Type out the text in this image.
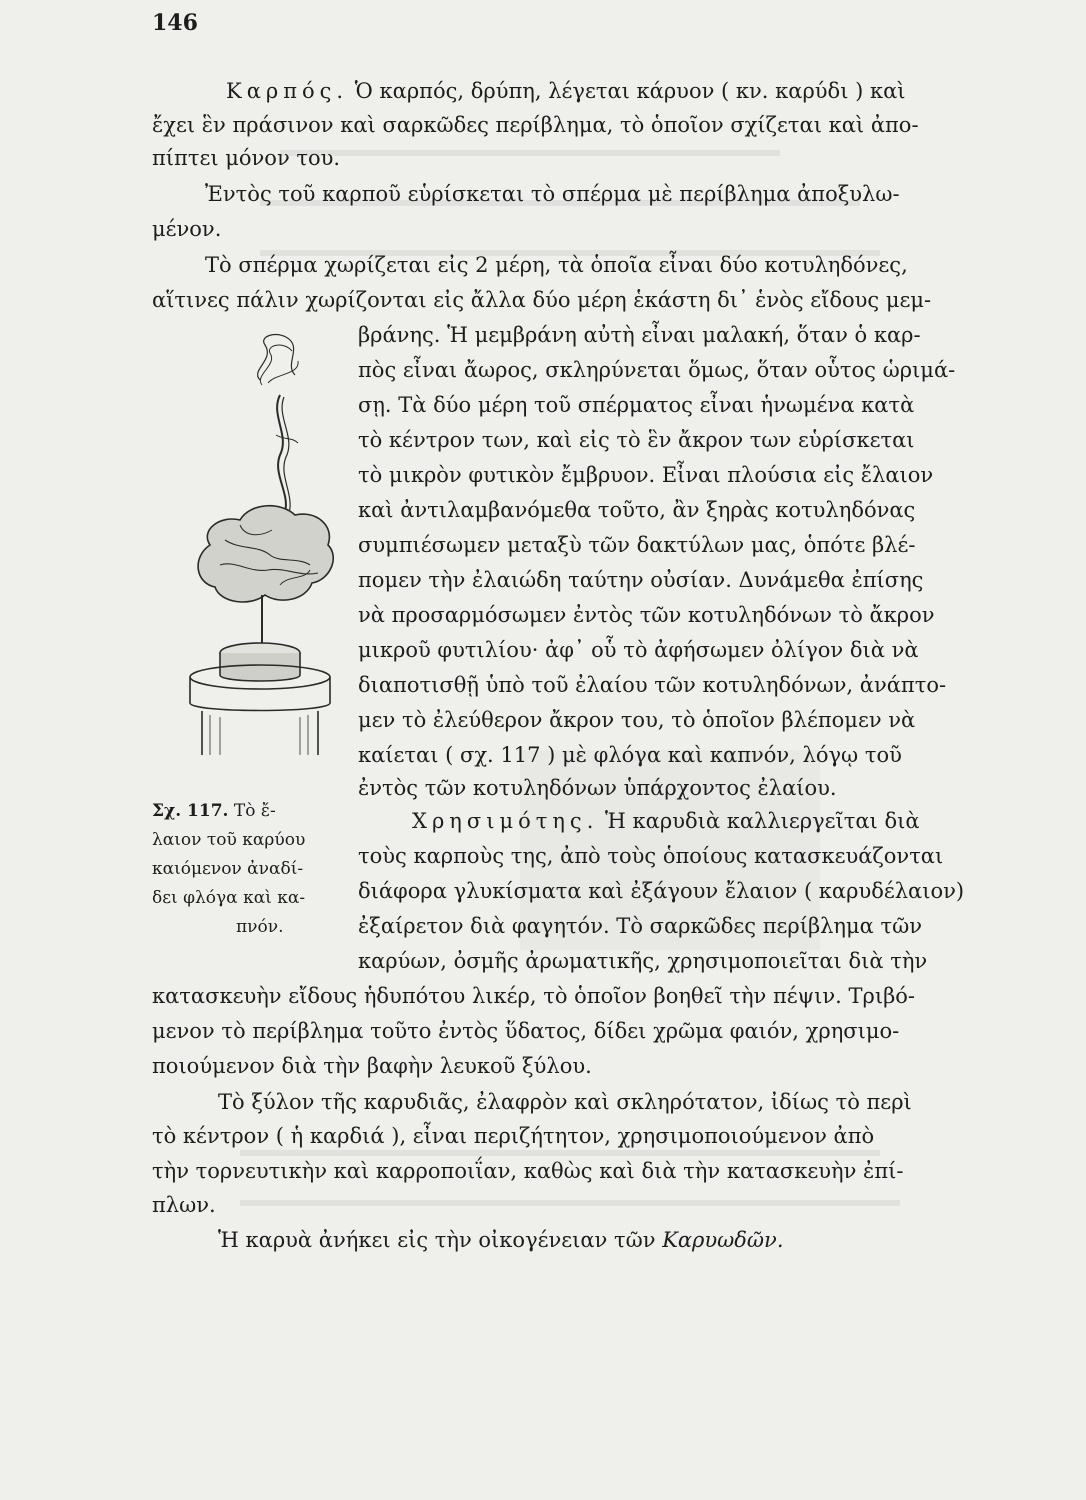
146
Καρπός. Ὁ καρπός, δρύπη, λέγεται κάρυον ( κν. καρύδι ) καὶ
ἔχει ἓν πράσινον καὶ σαρκῶδες περίβλημα, τὸ ὁποῖον σχίζεται καὶ ἀπο-
πίπτει μόνον του.
Ἐντὸς τοῦ καρποῦ εὑρίσκεται τὸ σπέρμα μὲ περίβλημα ἀποξυλω-
μένον.
Τὸ σπέρμα χωρίζεται εἰς 2 μέρη, τὰ ὁποῖα εἶναι δύο κοτυληδόνες,
αἵτινες πάλιν χωρίζονται εἰς ἄλλα δύο μέρη ἑκάστη δι᾽ ἑνὸς εἴδους μεμ-
βράνης. Ἡ μεμβράνη αὐτὴ εἶναι μαλακή, ὅταν ὁ καρ-
πὸς εἶναι ἄωρος, σκληρύνεται ὅμως, ὅταν οὗτος ὡριμά-
σῃ. Τὰ δύο μέρη τοῦ σπέρματος εἶναι ἡνωμένα κατὰ
τὸ κέντρον των, καὶ εἰς τὸ ἓν ἄκρον των εὑρίσκεται
τὸ μικρὸν φυτικὸν ἔμβρυον. Εἶναι πλούσια εἰς ἔλαιον
καὶ ἀντιλαμβανόμεθα τοῦτο, ἂν ξηρὰς κοτυληδόνας
συμπιέσωμεν μεταξὺ τῶν δακτύλων μας, ὁπότε βλέ-
πομεν τὴν ἐλαιώδη ταύτην οὐσίαν. Δυνάμεθα ἐπίσης
νὰ προσαρμόσωμεν ἐντὸς τῶν κοτυληδόνων τὸ ἄκρον
μικροῦ φυτιλίου· ἀφ᾽ οὗ τὸ ἀφήσωμεν ὀλίγον διὰ νὰ
διαποτισθῇ ὑπὸ τοῦ ἐλαίου τῶν κοτυληδόνων, ἀνάπτο-
μεν τὸ ἐλεύθερον ἄκρον του, τὸ ὁποῖον βλέπομεν νὰ
καίεται ( σχ. 117 ) μὲ φλόγα καὶ καπνόν, λόγῳ τοῦ
ἐντὸς τῶν κοτυληδόνων ὑπάρχοντος ἐλαίου.
Χρησιμότης. Ἡ καρυδιὰ καλλιεργεῖται διὰ
τοὺς καρποὺς της, ἀπὸ τοὺς ὁποίους κατασκευάζονται
διάφορα γλυκίσματα καὶ ἐξάγουν ἔλαιον ( καρυδέλαιον)
ἐξαίρετον διὰ φαγητόν. Τὸ σαρκῶδες περίβλημα τῶν
καρύων, ὀσμῆς ἀρωματικῆς, χρησιμοποιεῖται διὰ τὴν
κατασκευὴν εἴδους ἡδυπότου λικέρ, τὸ ὁποῖον βοηθεῖ τὴν πέψιν. Τριβό-
μενον τὸ περίβλημα τοῦτο ἐντὸς ὕδατος, δίδει χρῶμα φαιόν, χρησιμο-
ποιούμενον διὰ τὴν βαφὴν λευκοῦ ξύλου.
Τὸ ξύλον τῆς καρυδιᾶς, ἐλαφρὸν καὶ σκληρότατον, ἰδίως τὸ περὶ
τὸ κέντρον ( ἡ καρδιά ), εἶναι περιζήτητον, χρησιμοποιούμενον ἀπὸ
τὴν τορνευτικὴν καὶ καρροποιΐαν, καθὼς καὶ διὰ τὴν κατασκευὴν ἐπί-
πλων.
Ἡ καρυὰ ἀνήκει εἰς τὴν οἰκογένειαν τῶν Καρυωδῶν.
Σχ. 117. Τὸ ἔ-
λαιον τοῦ καρύου
καιόμενον ἀναδί-
δει φλόγα καὶ κα-
πνόν.
